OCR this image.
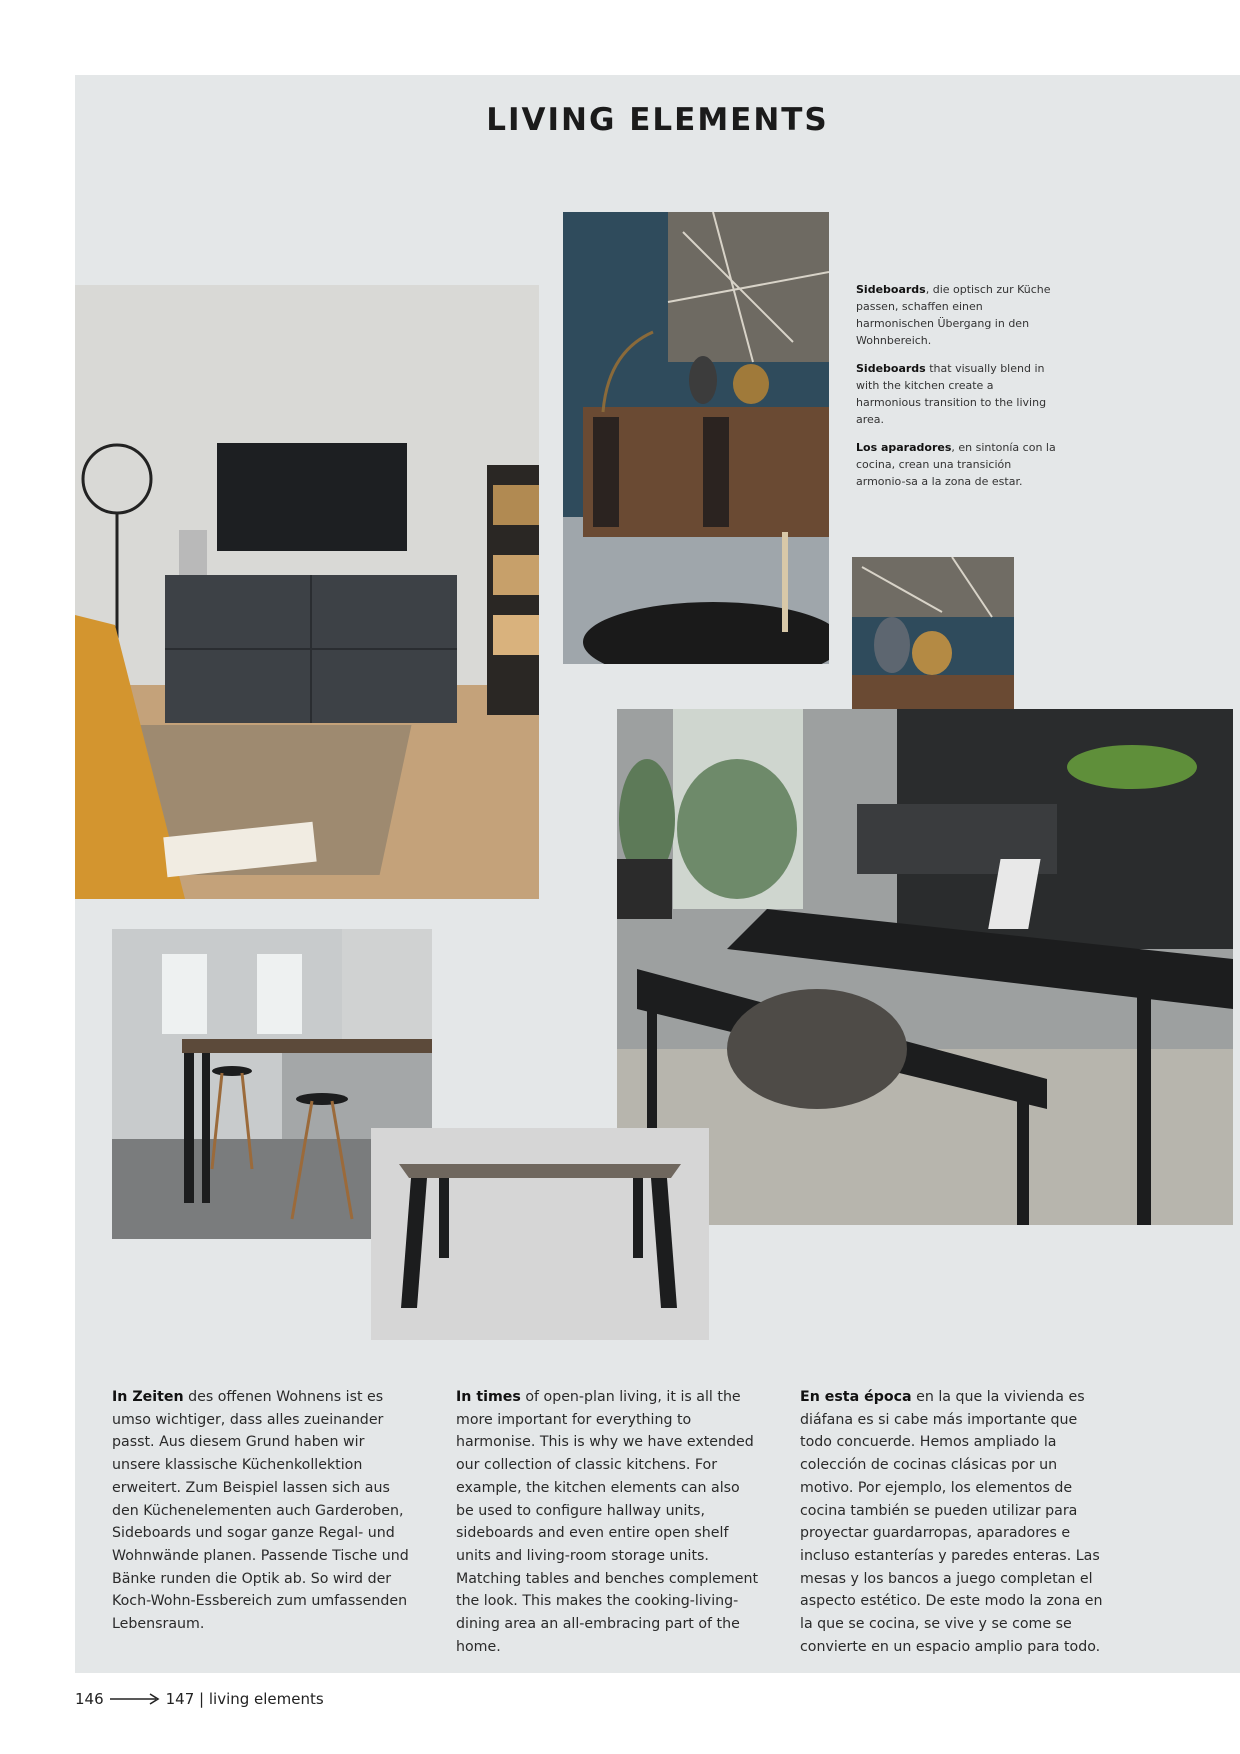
LIVING ELEMENTS

Sideboards, die optisch zur Küche passen, schaffen einen harmonischen Übergang in den Wohnbereich.

Sideboards that visually blend in with the kitchen create a harmonious transition to the living area.

Los aparadores, en sintonía con la cocina, crean una transición armonio-sa a la zona de estar.

In Zeiten des offenen Wohnens ist es umso wichtiger, dass alles zueinander passt. Aus diesem Grund haben wir unsere klassische Küchenkollektion erweitert. Zum Beispiel lassen sich aus den Küchenelementen auch Garderoben, Sideboards und sogar ganze Regal- und Wohnwände planen. Passende Tische und Bänke runden die Optik ab. So wird der Koch-Wohn-Essbereich zum umfassenden Lebensraum.
In times of open-plan living, it is all the more important for everything to harmonise. This is why we have extended our collection of classic kitchens. For example, the kitchen elements can also be used to configure hallway units, sideboards and even entire open shelf units and living-room storage units. Matching tables and benches complement the look. This makes the cooking-living-dining area an all-embracing part of the home.
En esta época en la que la vivienda es diáfana es si cabe más importante que todo concuerde. Hemos ampliado la colección de cocinas clásicas por un motivo. Por ejemplo, los elementos de cocina también se pueden utilizar para proyectar guardarropas, aparadores e incluso estanterías y paredes enteras. Las mesas y los bancos a juego completan el aspecto estético. De este modo la zona en la que se cocina, se vive y se come se convierte en un espacio amplio para todo.
146	147 | living elements
